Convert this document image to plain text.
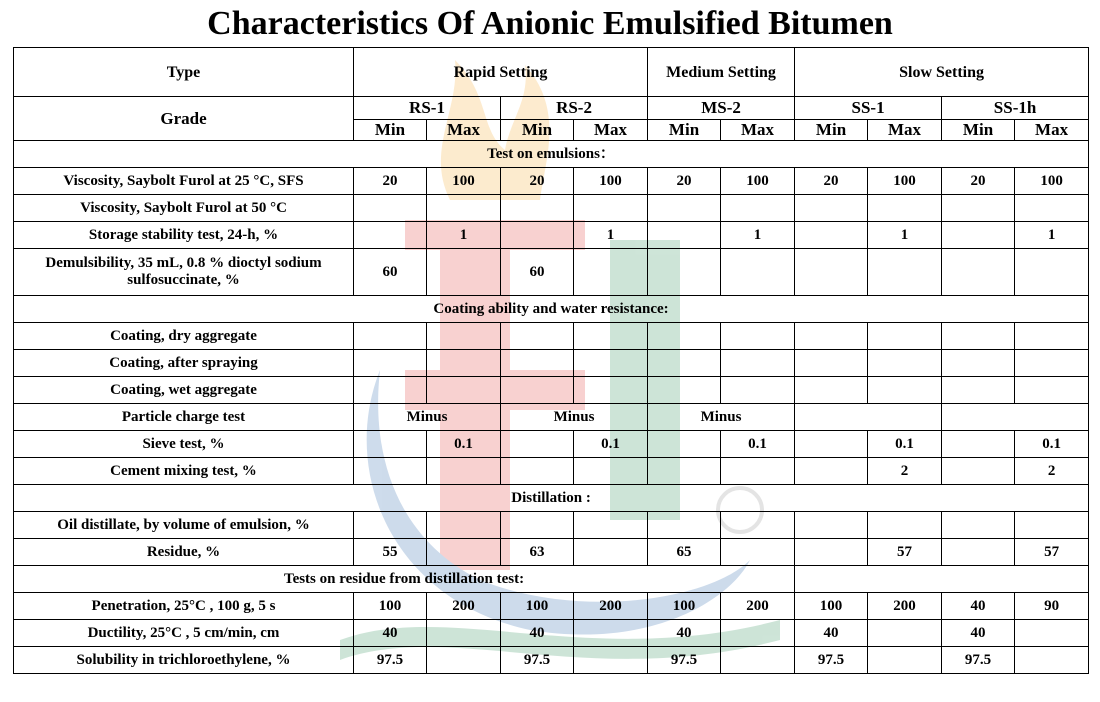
Characteristics Of Anionic Emulsified Bitumen
Type	Rapid Setting				Medium Setting		Slow Setting			
Grade	RS-1		RS-2		MS-2		SS-1		SS-1h	
	Min	Max	Min	Max	Min	Max	Min	Max	Min	Max
Test on emulsions：										
Viscosity, Saybolt Furol at 25 °C, SFS	20	100	20	100	20	100	20	100	20	100
Viscosity, Saybolt Furol at 50 °C										
Storage stability test, 24-h, %		1		1		1		1		1
Demulsibility, 35 mL, 0.8 % dioctyl sodium sulfosuccinate, %	60		60							
Coating ability and water resistance:										
Coating, dry aggregate										
Coating, after spraying										
Coating, wet aggregate										
Particle charge test	Minus		Minus		Minus					
Sieve test, %		0.1		0.1		0.1		0.1		0.1
Cement mixing test, %								2		2
Distillation :										
Oil distillate, by volume of emulsion, %										
Residue, %	55		63		65			57		57
Tests on residue from distillation test:										
Penetration, 25°C , 100 g, 5 s	100	200	100	200	100	200	100	200	40	90
Ductility, 25°C , 5 cm/min, cm	40		40		40		40		40	
Solubility in trichloroethylene, %	97.5		97.5		97.5		97.5		97.5	
